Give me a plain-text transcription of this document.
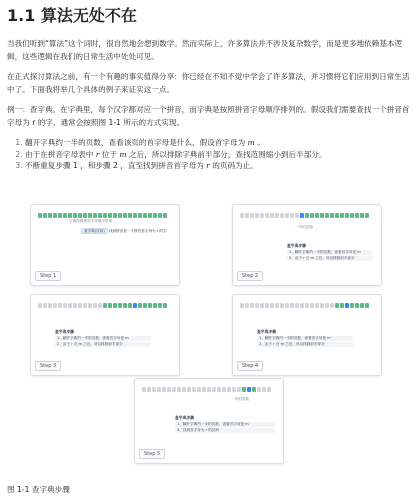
1.1 算法无处不在

当我们听到“算法”这个词时，很自然地会想到数学。然而实际上，许多算法并不涉及复杂数学，而是更多地依赖基本逻辑，这些逻辑在我们的日常生活中处处可见。

在正式探讨算法之前，有一个有趣的事实值得分享：你已经在不知不觉中学会了许多算法，并习惯将它们应用到日常生活中了。下面我将举几个具体的例子来证实这一点。

例一：查字典。在字典里，每个汉字都对应一个拼音，而字典是按照拼音字母顺序排列的。假设我们需要查找一个拼音首字母为 r 的字，通常会按照图 1-1 所示的方式实现。

1. 翻开字典约一半的页数，查看该页的首字母是什么，假设首字母为 m 。
2. 由于在拼音字母表中 r 位于 m 之后，所以排除字典前半部分，查找范围缩小到后半部分。
3. 不断重复步骤 1 ，和步骤 2 ，直至找到拼音首字母为 r 的页码为止。
字典按照拼音字母顺序排列
查字典(目标) 找到拼音首一个拼音首字母为 r 的字
Step 1
一半的页数
查字典步骤
1、翻开字典约一半的页数，查看首字母是 m
2、由于 r 在 m 之后，所以排除前半部分
Step 2
查字典步骤
1、翻开字典约一半的页数，查看首字母是 m
2、由于 r 在 m 之后，所以排除前半部分
Step 3
查字典步骤
1、翻开字典约一半的页数，查看首字母是 m
2、由于 r 在 m 之后，所以排除前半部分
Step 4
一半的页数
查字典步骤
1、翻开字典约一半的页数，查看首字母是 m
3、找到首字母为 r 的页码
Step 5
图 1-1 查字典步骤
